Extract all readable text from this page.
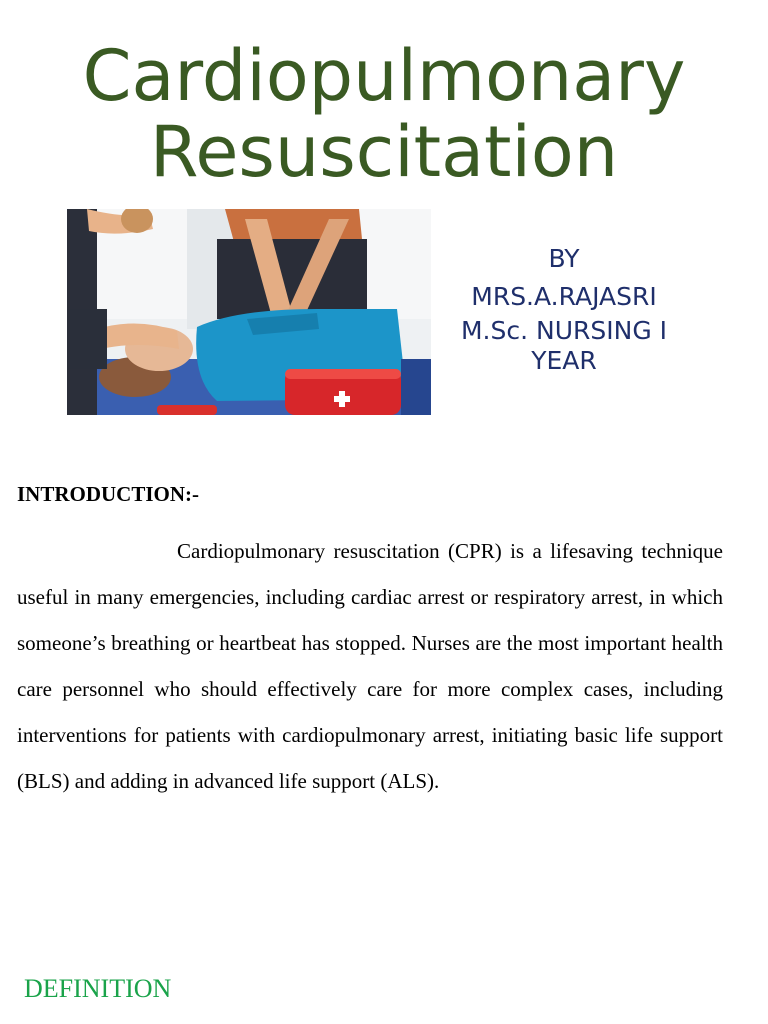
Cardiopulmonary
Resuscitation
BY
MRS.A.RAJASRI
M.Sc. NURSING I
YEAR
INTRODUCTION:-

Cardiopulmonary resuscitation (CPR) is a lifesaving technique useful in many emergencies, including cardiac arrest or respiratory arrest, in which someone’s breathing or heartbeat has stopped. Nurses are the most important health care personnel who should effectively care for more complex cases, including interventions for patients with cardiopulmonary arrest, initiating basic life support (BLS) and adding in advanced life support (ALS).

DEFINITION
